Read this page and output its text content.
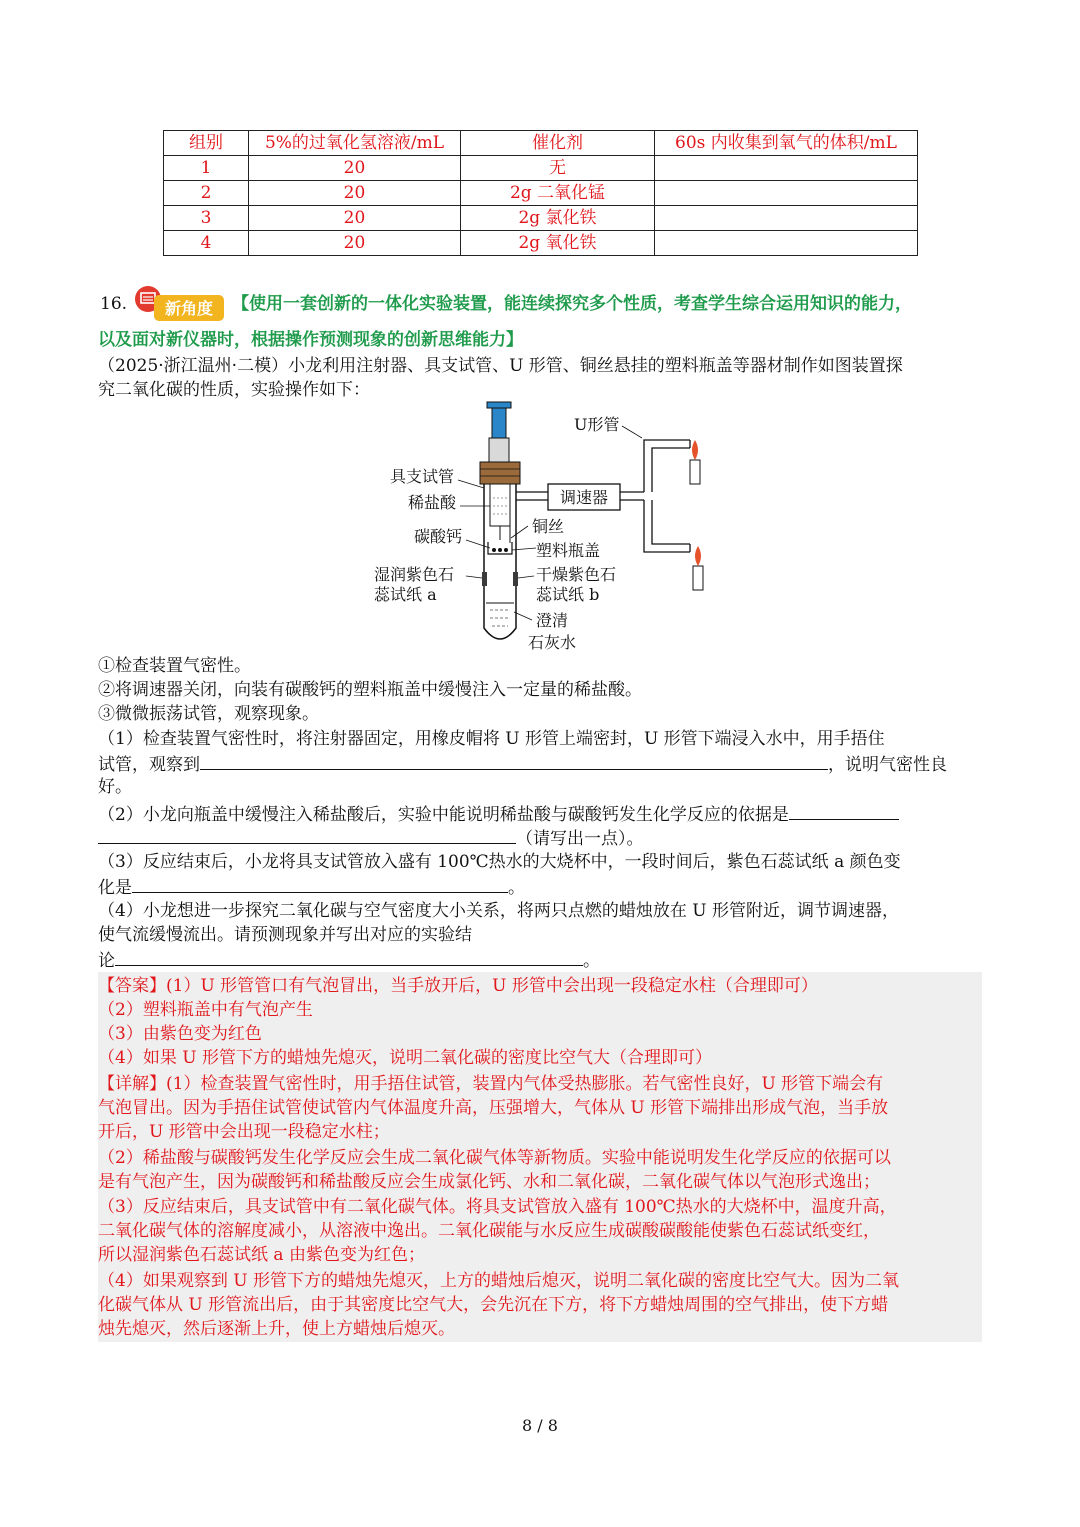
组别	5%的过氧化氢溶液/mL	催化剂	60s 内收集到氧气的体积/mL
1	20	无	
2	20	2g 二氧化锰	
3	20	2g 氯化铁	
4	20	2g 氧化铁	
16. 新角度 【使用一套创新的一体化实验装置，能连续探究多个性质，考查学生综合运用知识的能力，
以及面对新仪器时，根据操作预测现象的创新思维能力】
（2025·浙江温州·二模）小龙利用注射器、具支试管、U 形管、铜丝悬挂的塑料瓶盖等器材制作如图装置探
究二氧化碳的性质，实验操作如下：
调速器
U形管
具支试管
稀盐酸
碳酸钙
铜丝
塑料瓶盖
湿润紫色石
蕊试纸 a
干燥紫色石
蕊试纸 b
澄清
石灰水
①检查装置气密性。
②将调速器关闭，向装有碳酸钙的塑料瓶盖中缓慢注入一定量的稀盐酸。
③微微振荡试管，观察现象。
（1）检查装置气密性时，将注射器固定，用橡皮帽将 U 形管上端密封，U 形管下端浸入水中，用手捂住
试管，观察到	，说明气密性良
好。
（2）小龙向瓶盖中缓慢注入稀盐酸后，实验中能说明稀盐酸与碳酸钙发生化学反应的依据是
（请写出一点）。
（3）反应结束后，小龙将具支试管放入盛有 100℃热水的大烧杯中，一段时间后，紫色石蕊试纸 a 颜色变
化是	。
（4）小龙想进一步探究二氧化碳与空气密度大小关系，将两只点燃的蜡烛放在 U 形管附近，调节调速器，
使气流缓慢流出。请预测现象并写出对应的实验结
论	。
【答案】(1）U 形管管口有气泡冒出，当手放开后，U 形管中会出现一段稳定水柱（合理即可）
（2）塑料瓶盖中有气泡产生
（3）由紫色变为红色
（4）如果 U 形管下方的蜡烛先熄灭，说明二氧化碳的密度比空气大（合理即可）
【详解】(1）检查装置气密性时，用手捂住试管，装置内气体受热膨胀。若气密性良好，U 形管下端会有
气泡冒出。因为手捂住试管使试管内气体温度升高，压强增大，气体从 U 形管下端排出形成气泡，当手放
开后，U 形管中会出现一段稳定水柱；
（2）稀盐酸与碳酸钙发生化学反应会生成二氧化碳气体等新物质。实验中能说明发生化学反应的依据可以
是有气泡产生，因为碳酸钙和稀盐酸反应会生成氯化钙、水和二氧化碳，二氧化碳气体以气泡形式逸出；
（3）反应结束后，具支试管中有二氧化碳气体。将具支试管放入盛有 100℃热水的大烧杯中，温度升高，
二氧化碳气体的溶解度减小，从溶液中逸出。二氧化碳能与水反应生成碳酸碳酸能使紫色石蕊试纸变红，
所以湿润紫色石蕊试纸 a 由紫色变为红色；
（4）如果观察到 U 形管下方的蜡烛先熄灭，上方的蜡烛后熄灭，说明二氧化碳的密度比空气大。因为二氧
化碳气体从 U 形管流出后，由于其密度比空气大，会先沉在下方，将下方蜡烛周围的空气排出，使下方蜡
烛先熄灭，然后逐渐上升，使上方蜡烛后熄灭。
8 / 8
